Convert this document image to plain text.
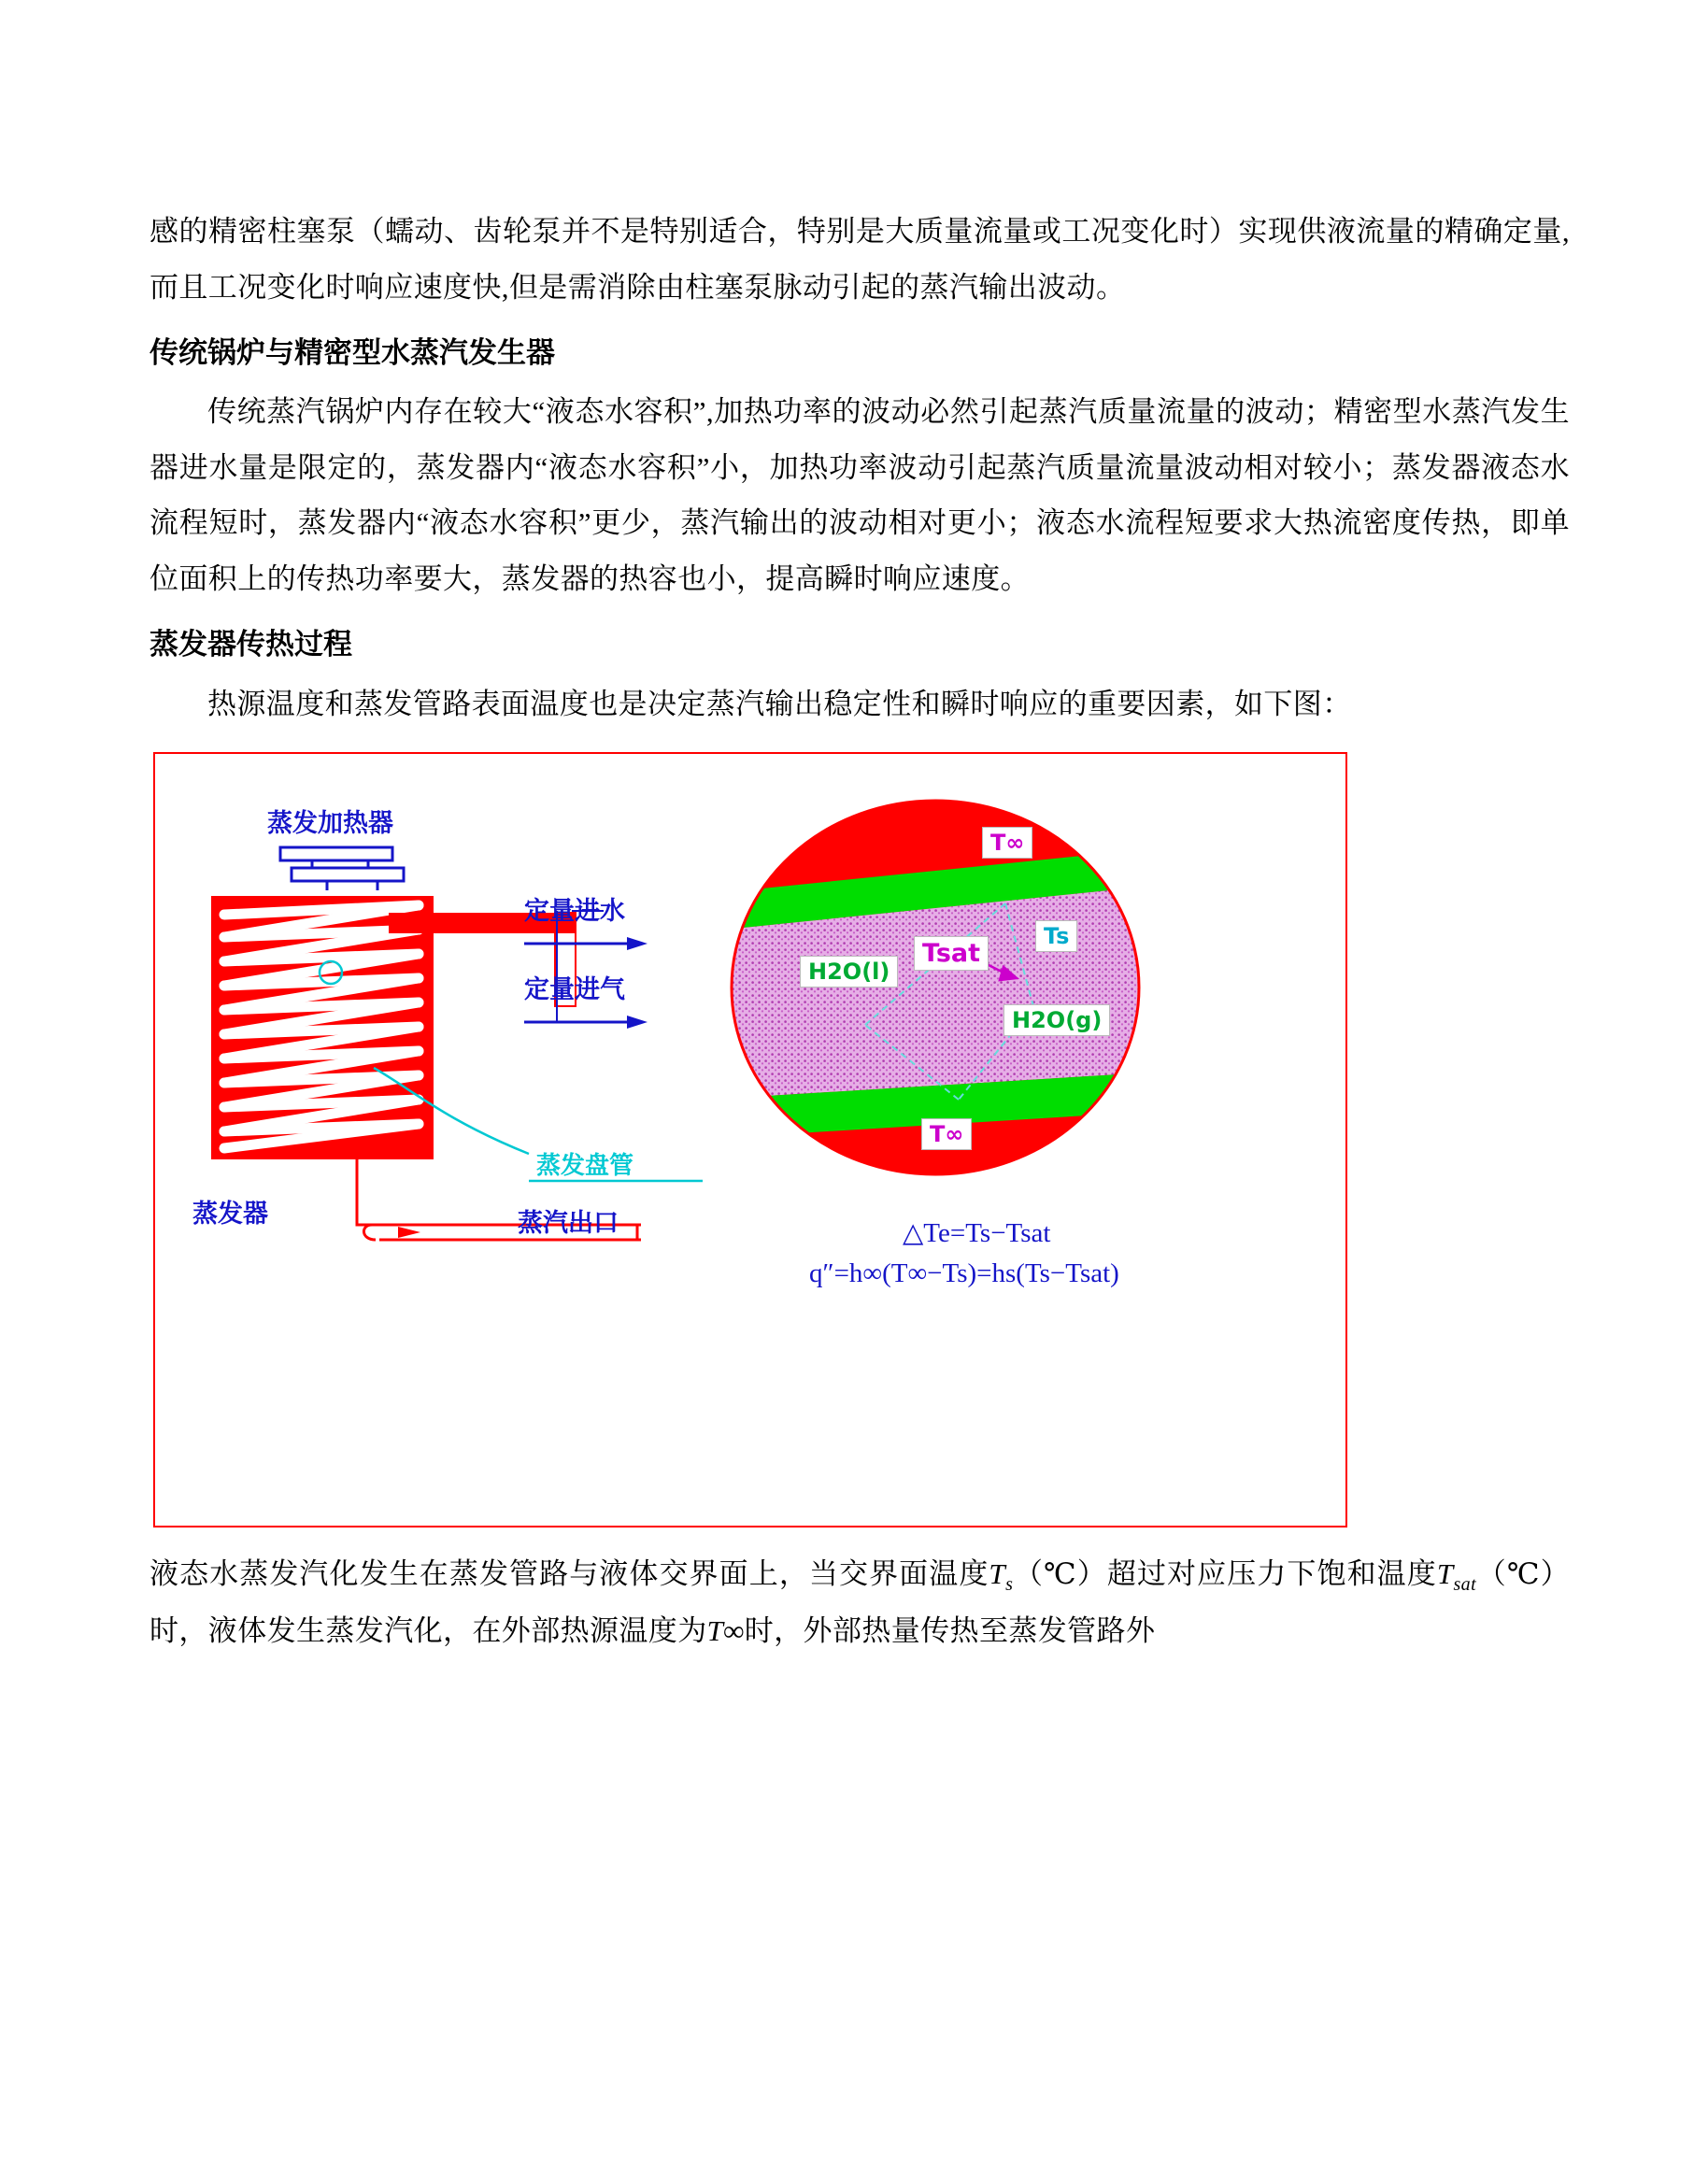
感的精密柱塞泵（蠕动、齿轮泵并不是特别适合，特别是大质量流量或工况变化时）实现供液流量的精确定量,而且工况变化时响应速度快,但是需消除由柱塞泵脉动引起的蒸汽输出波动。

传统锅炉与精密型水蒸汽发生器

传统蒸汽锅炉内存在较大“液态水容积”,加热功率的波动必然引起蒸汽质量流量的波动；精密型水蒸汽发生器进水量是限定的，蒸发器内“液态水容积”小，加热功率波动引起蒸汽质量流量波动相对较小；蒸发器液态水流程短时，蒸发器内“液态水容积”更少，蒸汽输出的波动相对更小；液态水流程短要求大热流密度传热，即单位面积上的传热功率要大，蒸发器的热容也小，提高瞬时响应速度。

蒸发器传热过程

热源温度和蒸发管路表面温度也是决定蒸汽输出稳定性和瞬时响应的重要因素，如下图：

蒸发加热器
定量进水
定量进气
蒸发盘管
蒸发器	蒸汽出口
T∞
T∞
Ts
Tsat
H2O(l)
H2O(g)
△Te=Ts−Tsat
q″=h∞(T∞−Ts)=hs(Ts−Tsat)

液态水蒸发汽化发生在蒸发管路与液体交界面上，当交界面温度$T_s(℃)$超过对应压力下饱和温度$T_{sat}(℃)$时，液体发生蒸发汽化，在外部热源温度为T∞时，外部热量传热至蒸发管路外
